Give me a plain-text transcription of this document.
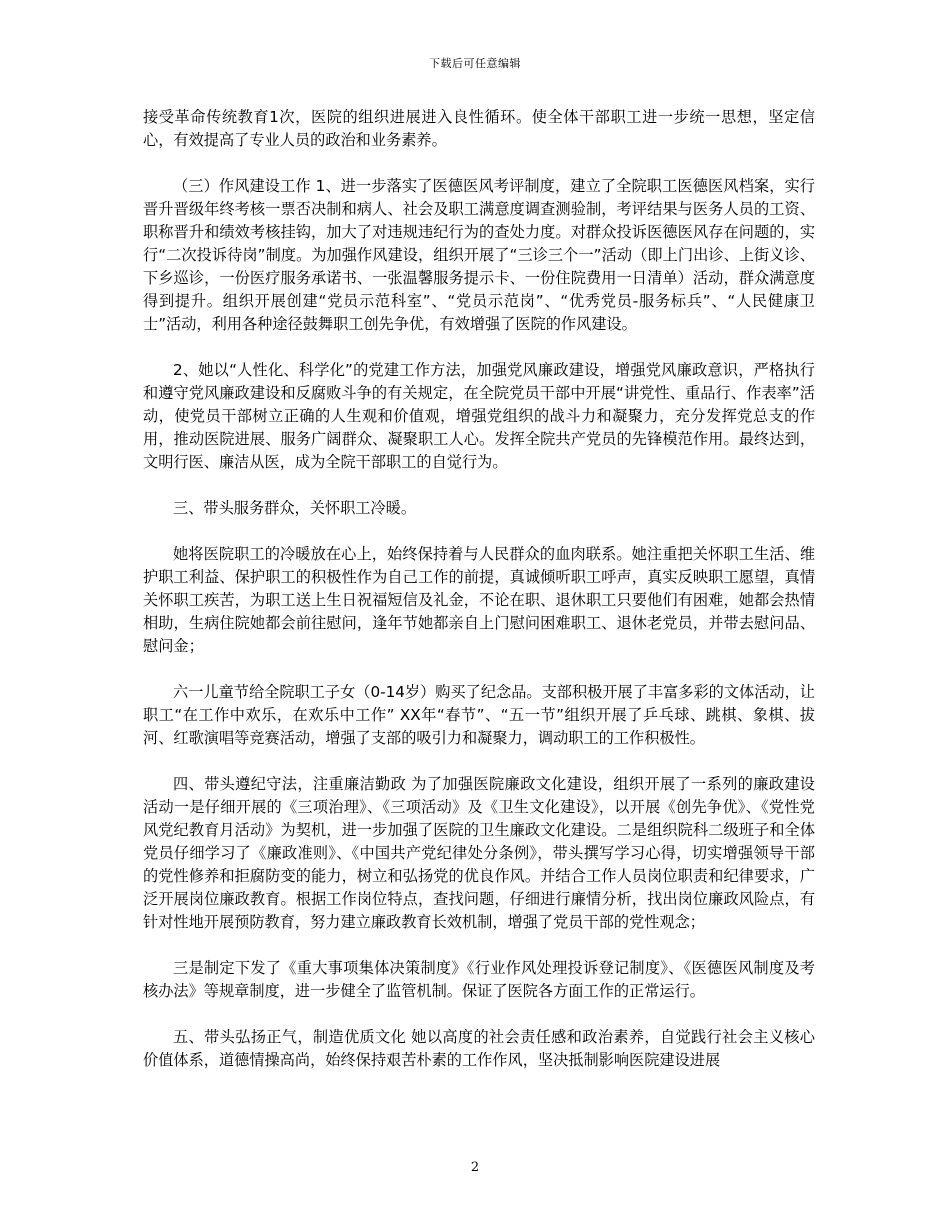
下载后可任意编辑

接受革命传统教育1次，医院的组织进展进入良性循环。使全体干部职工进一步统一思想，坚定信心，有效提高了专业人员的政治和业务素养。

（三）作风建设工作 1、进一步落实了医德医风考评制度，建立了全院职工医德医风档案，实行晋升晋级年终考核一票否决制和病人、社会及职工满意度调查测验制，考评结果与医务人员的工资、职称晋升和绩效考核挂钩，加大了对违规违纪行为的查处力度。对群众投诉医德医风存在问题的，实行“二次投诉待岗”制度。为加强作风建设，组织开展了“三诊三个一”活动（即上门出诊、上街义诊、下乡巡诊，一份医疗服务承诺书、一张温馨服务提示卡、一份住院费用一日清单）活动，群众满意度得到提升。组织开展创建“党员示范科室”、“党员示范岗”、“优秀党员-服务标兵”、“人民健康卫士”活动，利用各种途径鼓舞职工创先争优，有效增强了医院的作风建设。

2、她以“人性化、科学化”的党建工作方法，加强党风廉政建设，增强党风廉政意识，严格执行和遵守党风廉政建设和反腐败斗争的有关规定，在全院党员干部中开展“讲党性、重品行、作表率”活动，使党员干部树立正确的人生观和价值观，增强党组织的战斗力和凝聚力，充分发挥党总支的作用，推动医院进展、服务广阔群众、凝聚职工人心。发挥全院共产党员的先锋模范作用。最终达到，文明行医、廉洁从医，成为全院干部职工的自觉行为。

三、带头服务群众，关怀职工冷暖。

她将医院职工的冷暖放在心上，始终保持着与人民群众的血肉联系。她注重把关怀职工生活、维护职工利益、保护职工的积极性作为自己工作的前提，真诚倾听职工呼声，真实反映职工愿望，真情关怀职工疾苦，为职工送上生日祝福短信及礼金，不论在职、退休职工只要他们有困难，她都会热情相助，生病住院她都会前往慰问，逢年节她都亲自上门慰问困难职工、退休老党员，并带去慰问品、慰问金；

六一儿童节给全院职工子女（0-14岁）购买了纪念品。支部积极开展了丰富多彩的文体活动，让职工“在工作中欢乐，在欢乐中工作” XX年“春节”、“五一节”组织开展了乒乓球、跳棋、象棋、拔河、红歌演唱等竞赛活动，增强了支部的吸引力和凝聚力，调动职工的工作积极性。

四、带头遵纪守法，注重廉洁勤政 为了加强医院廉政文化建设，组织开展了一系列的廉政建设活动一是仔细开展的《三项治理》、《三项活动》及《卫生文化建设》，以开展《创先争优》、《党性党风党纪教育月活动》为契机，进一步加强了医院的卫生廉政文化建设。二是组织院科二级班子和全体党员仔细学习了《廉政准则》、《中国共产党纪律处分条例》，带头撰写学习心得，切实增强领导干部的党性修养和拒腐防变的能力，树立和弘扬党的优良作风。并结合工作人员岗位职责和纪律要求，广泛开展岗位廉政教育。根据工作岗位特点，查找问题，仔细进行廉情分析，找出岗位廉政风险点，有针对性地开展预防教育，努力建立廉政教育长效机制，增强了党员干部的党性观念；

三是制定下发了《重大事项集体决策制度》《行业作风处理投诉登记制度》、《医德医风制度及考核办法》等规章制度，进一步健全了监管机制。保证了医院各方面工作的正常运行。

五、带头弘扬正气，制造优质文化 她以高度的社会责任感和政治素养，自觉践行社会主义核心价值体系，道德情操高尚，始终保持艰苦朴素的工作作风，坚决抵制影响医院建设进展

2
